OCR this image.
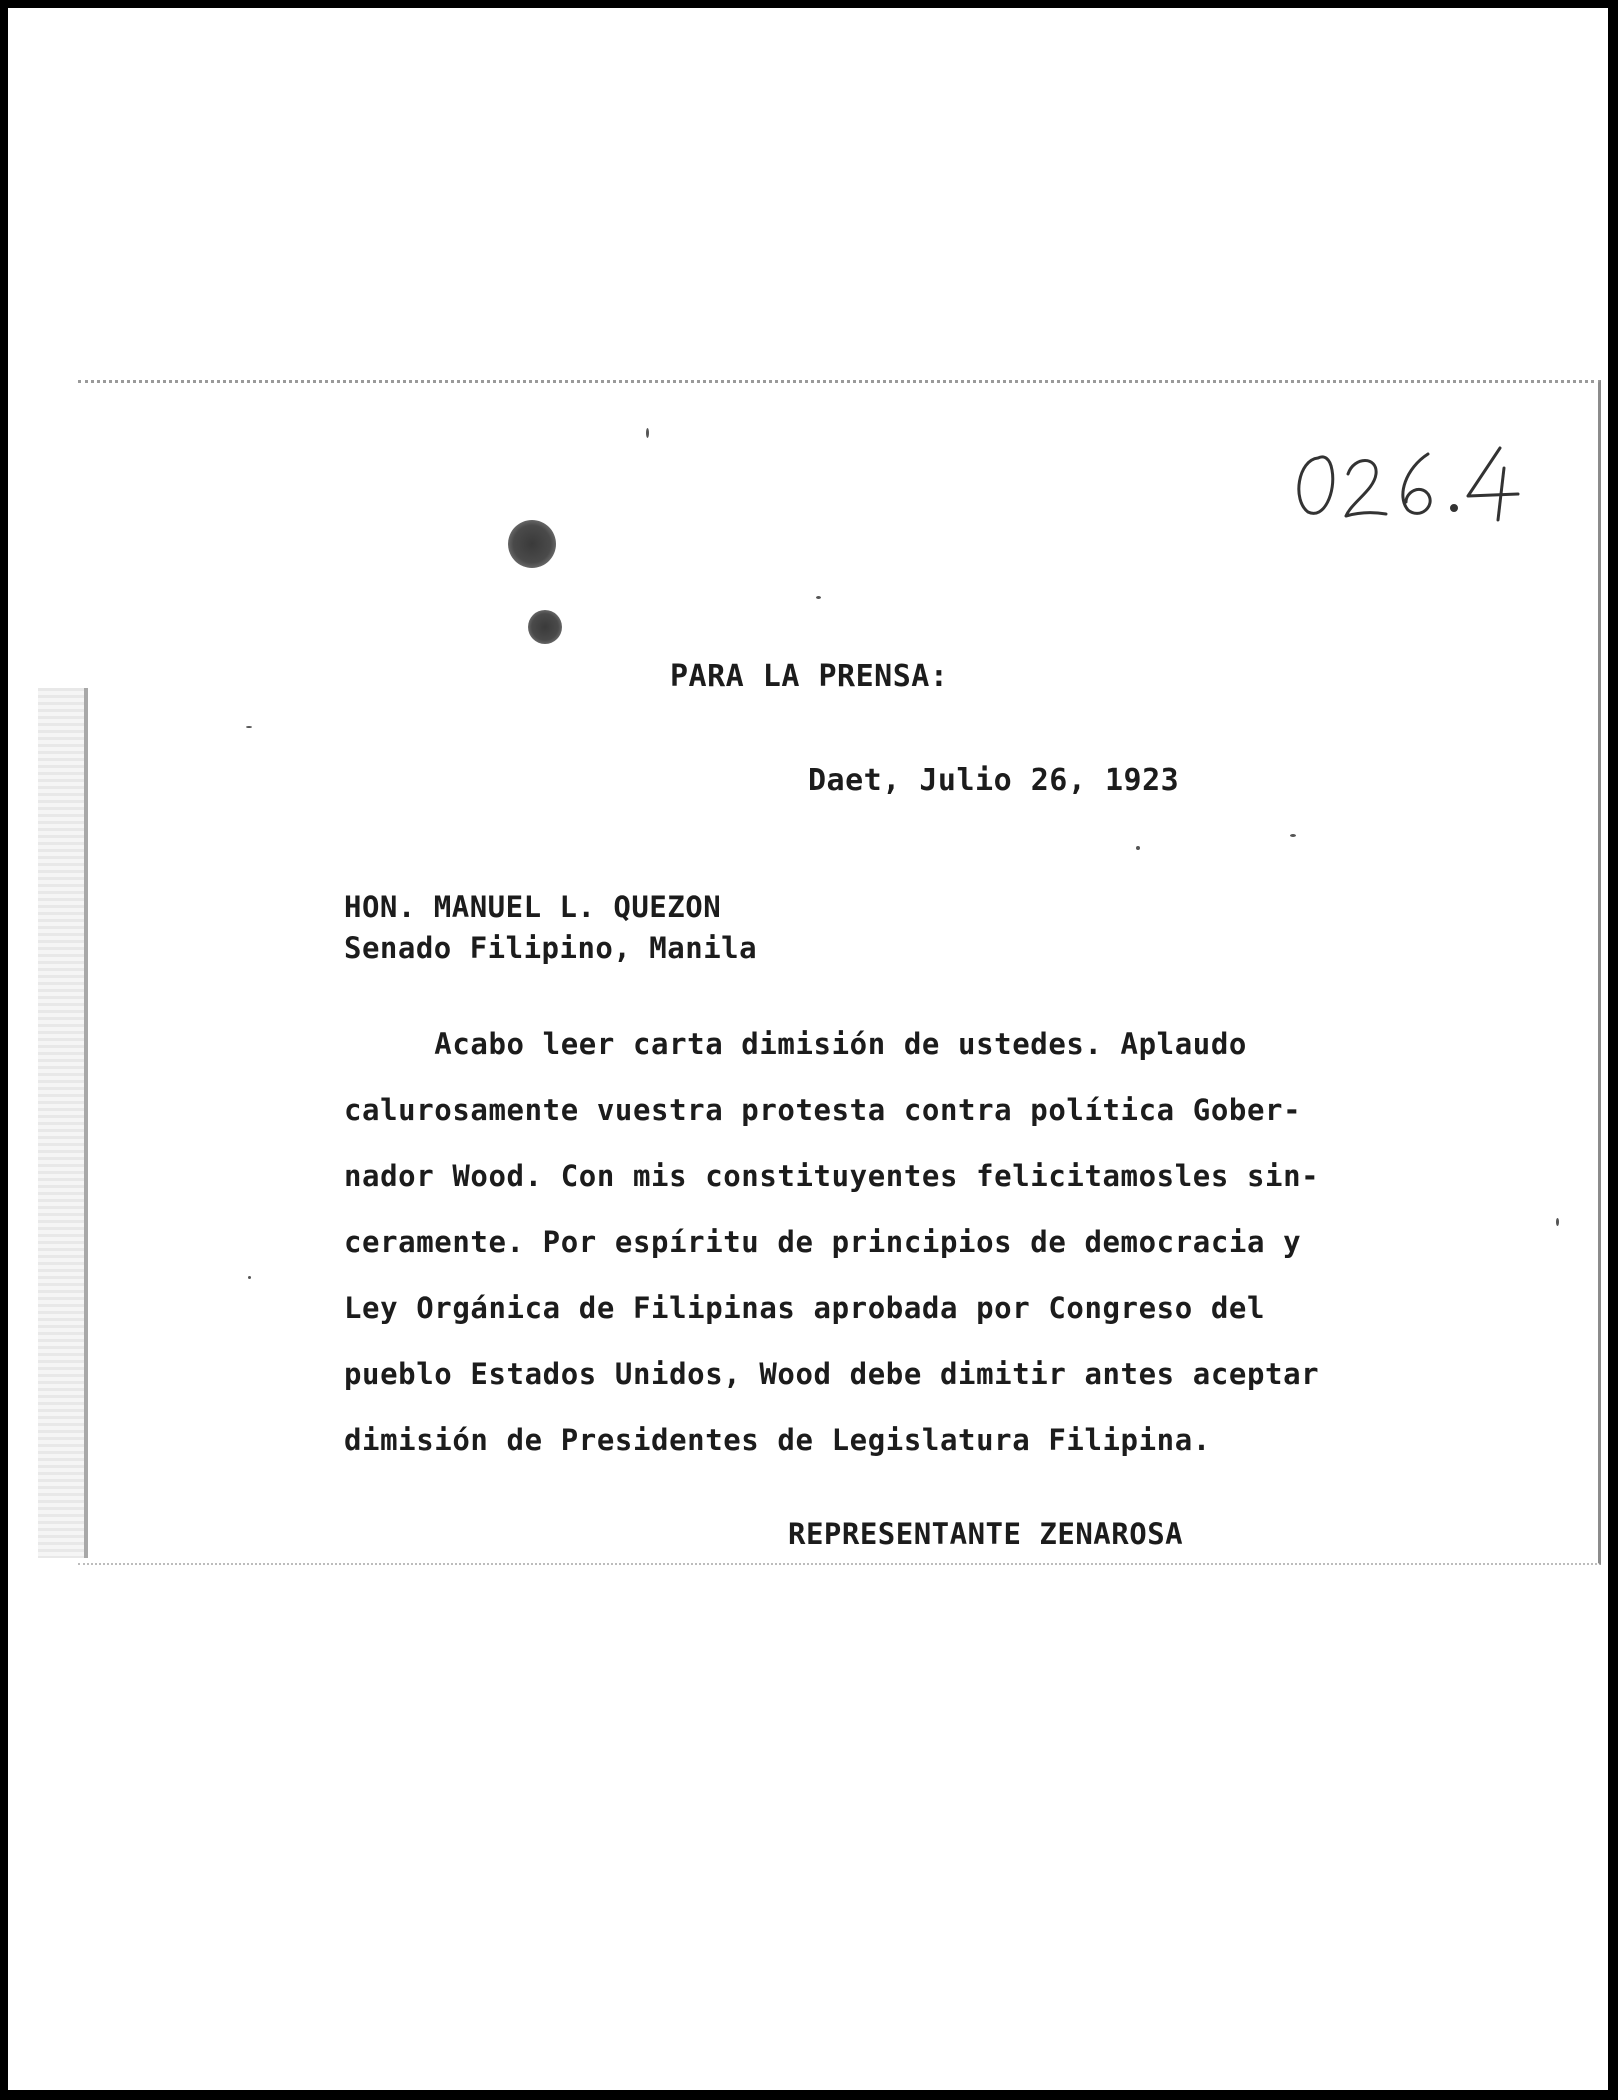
PARA LA PRENSA:
Daet, Julio 26, 1923
HON. MANUEL L. QUEZON
Senado Filipino, Manila
Acabo leer carta dimisión de ustedes. Aplaudo
calurosamente vuestra protesta contra política Gober-
nador Wood. Con mis constituyentes felicitamosles sin-
ceramente. Por espíritu de principios de democracia y
Ley Orgánica de Filipinas aprobada por Congreso del
pueblo Estados Unidos, Wood debe dimitir antes aceptar
dimisión de Presidentes de Legislatura Filipina.
REPRESENTANTE ZENAROSA
